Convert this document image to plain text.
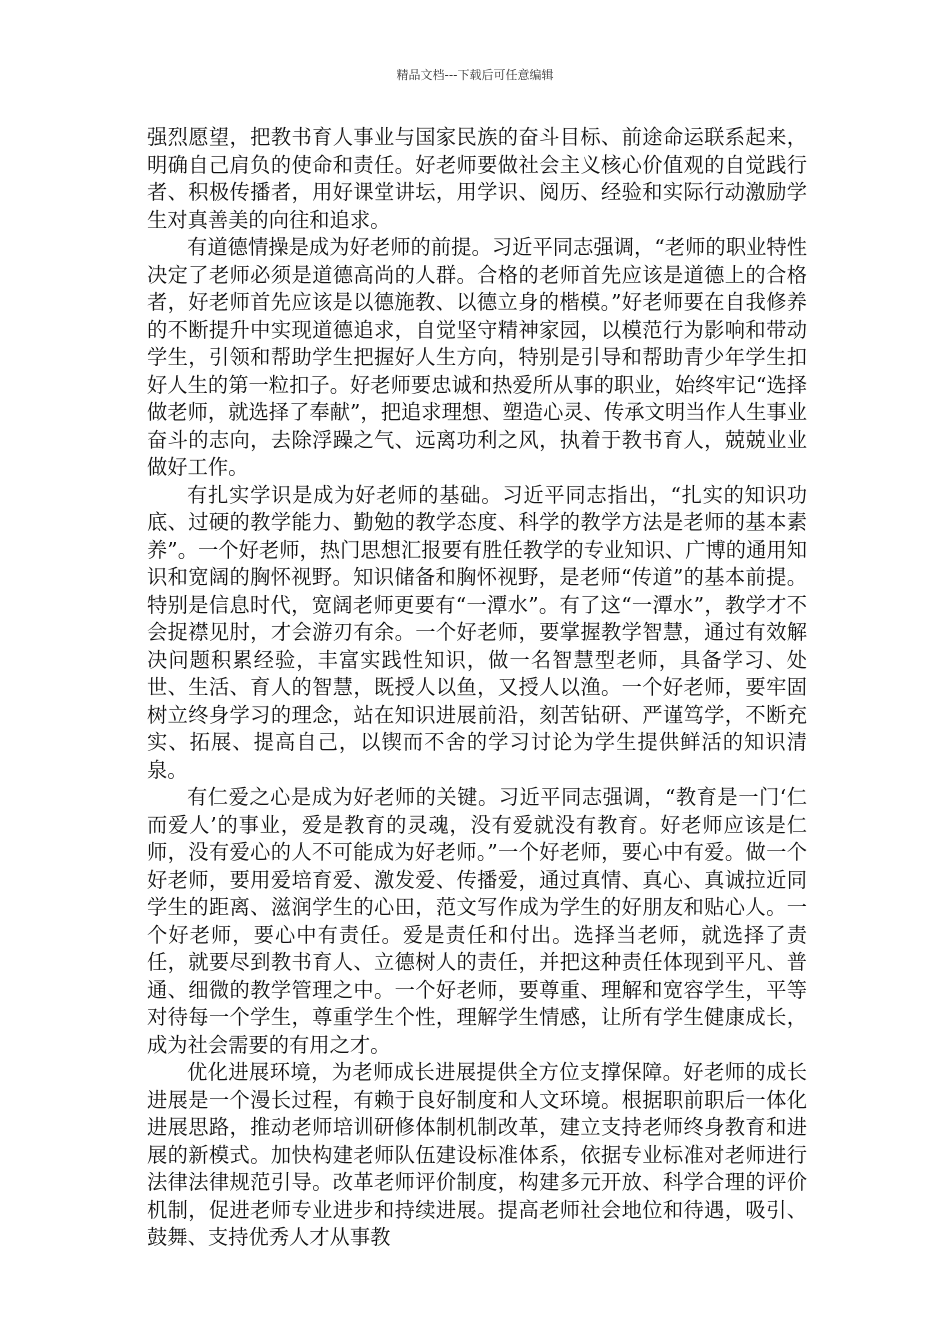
精品文档---下载后可任意编辑

强烈愿望，把教书育人事业与国家民族的奋斗目标、前途命运联系起来，明确自己肩负的使命和责任。好老师要做社会主义核心价值观的自觉践行者、积极传播者，用好课堂讲坛，用学识、阅历、经验和实际行动激励学生对真善美的向往和追求。

有道德情操是成为好老师的前提。习近平同志强调，“老师的职业特性决定了老师必须是道德高尚的人群。合格的老师首先应该是道德上的合格者，好老师首先应该是以德施教、以德立身的楷模。”好老师要在自我修养的不断提升中实现道德追求，自觉坚守精神家园，以模范行为影响和带动学生，引领和帮助学生把握好人生方向，特别是引导和帮助青少年学生扣好人生的第一粒扣子。好老师要忠诚和热爱所从事的职业，始终牢记“选择做老师，就选择了奉献”，把追求理想、塑造心灵、传承文明当作人生事业奋斗的志向，去除浮躁之气、远离功利之风，执着于教书育人，兢兢业业做好工作。

有扎实学识是成为好老师的基础。习近平同志指出，“扎实的知识功底、过硬的教学能力、勤勉的教学态度、科学的教学方法是老师的基本素养”。一个好老师，热门思想汇报要有胜任教学的专业知识、广博的通用知识和宽阔的胸怀视野。知识储备和胸怀视野，是老师“传道”的基本前提。特别是信息时代，宽阔老师更要有“一潭水”。有了这“一潭水”，教学才不会捉襟见肘，才会游刃有余。一个好老师，要掌握教学智慧，通过有效解决问题积累经验，丰富实践性知识，做一名智慧型老师，具备学习、处世、生活、育人的智慧，既授人以鱼，又授人以渔。一个好老师，要牢固树立终身学习的理念，站在知识进展前沿，刻苦钻研、严谨笃学，不断充实、拓展、提高自己，以锲而不舍的学习讨论为学生提供鲜活的知识清泉。

有仁爱之心是成为好老师的关键。习近平同志强调，“教育是一门‘仁而爱人’的事业，爱是教育的灵魂，没有爱就没有教育。好老师应该是仁师，没有爱心的人不可能成为好老师。”一个好老师，要心中有爱。做一个好老师，要用爱培育爱、激发爱、传播爱，通过真情、真心、真诚拉近同学生的距离、滋润学生的心田，范文写作成为学生的好朋友和贴心人。一个好老师，要心中有责任。爱是责任和付出。选择当老师，就选择了责任，就要尽到教书育人、立德树人的责任，并把这种责任体现到平凡、普通、细微的教学管理之中。一个好老师，要尊重、理解和宽容学生，平等对待每一个学生，尊重学生个性，理解学生情感，让所有学生健康成长，成为社会需要的有用之才。

优化进展环境，为老师成长进展提供全方位支撑保障。好老师的成长进展是一个漫长过程，有赖于良好制度和人文环境。根据职前职后一体化进展思路，推动老师培训研修体制机制改革，建立支持老师终身教育和进展的新模式。加快构建老师队伍建设标准体系，依据专业标准对老师进行法律法律规范引导。改革老师评价制度，构建多元开放、科学合理的评价机制，促进老师专业进步和持续进展。提高老师社会地位和待遇，吸引、鼓舞、支持优秀人才从事教
